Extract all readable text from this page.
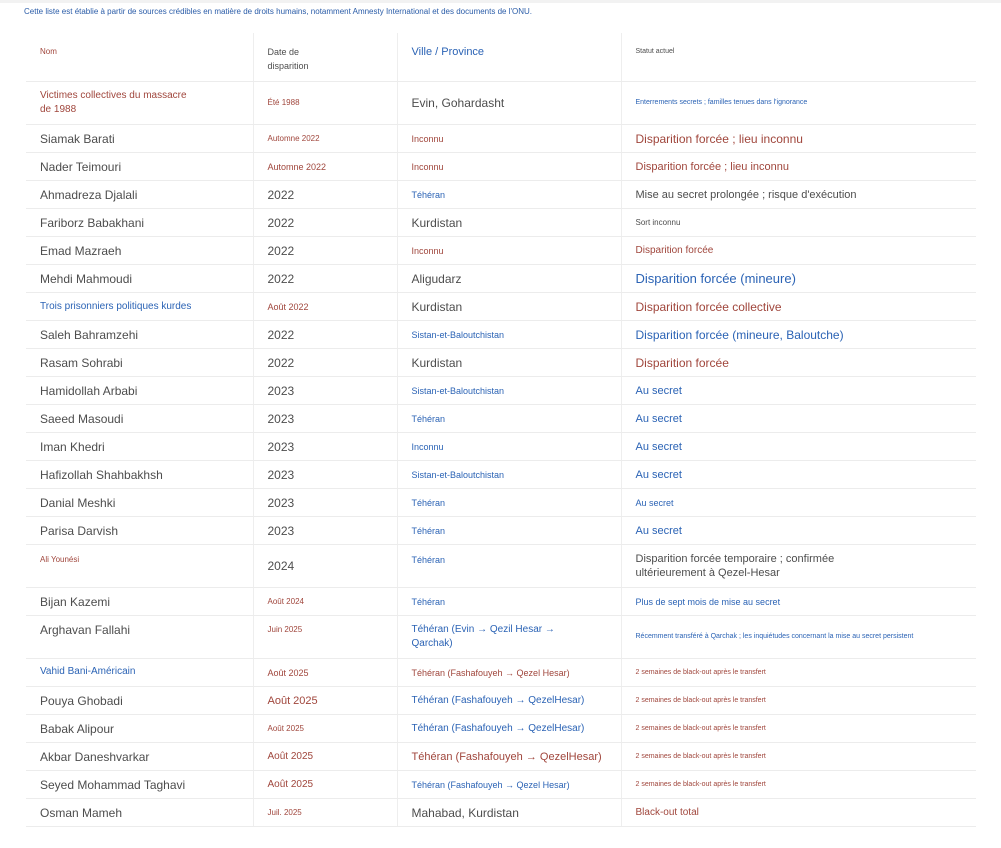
Cette liste est établie à partir de sources crédibles en matière de droits humains, notamment Amnesty International et des documents de l'ONU.
Nom	Date de disparition	Ville / Province	Statut actuel

Victimes collectives du massacre de 1988	Été 1988	Evin, Gohardasht	Enterrements secrets ; familles tenues dans l'ignorance

Siamak Barati	Automne 2022	Inconnu	Disparition forcée ; lieu inconnu

Nader Teimouri	Automne 2022	Inconnu	Disparition forcée ; lieu inconnu

Ahmadreza Djalali	2022	Téhéran	Mise au secret prolongée ; risque d'exécution

Fariborz Babakhani	2022	Kurdistan	Sort inconnu

Emad Mazraeh	2022	Inconnu	Disparition forcée

Mehdi Mahmoudi	2022	Aligudarz	Disparition forcée (mineure)

Trois prisonniers politiques kurdes	Août 2022	Kurdistan	Disparition forcée collective

Saleh Bahramzehi	2022	Sistan-et-Baloutchistan	Disparition forcée (mineure, Baloutche)

Rasam Sohrabi	2022	Kurdistan	Disparition forcée

Hamidollah Arbabi	2023	Sistan-et-Baloutchistan	Au secret

Saeed Masoudi	2023	Téhéran	Au secret

Iman Khedri	2023	Inconnu	Au secret

Hafizollah Shahbakhsh	2023	Sistan-et-Baloutchistan	Au secret

Danial Meshki	2023	Téhéran	Au secret

Parisa Darvish	2023	Téhéran	Au secret

Ali Younési	2024	Téhéran	Disparition forcée temporaire ; confirmée ultérieurement à Qezel-Hesar

Bijan Kazemi	Août 2024	Téhéran	Plus de sept mois de mise au secret

Arghavan Fallahi	Juin 2025	Téhéran (Evin → Qezil Hesar → Qarchak)	Récemment transféré à Qarchak ; les inquiétudes concernant la mise au secret persistent

Vahid Bani-Américain	Août 2025	Téhéran (Fashafouyeh → Qezel Hesar)	2 semaines de black-out après le transfert

Pouya Ghobadi	Août 2025	Téhéran (Fashafouyeh → QezelHesar)	2 semaines de black-out après le transfert

Babak Alipour	Août 2025	Téhéran (Fashafouyeh → QezelHesar)	2 semaines de black-out après le transfert

Akbar Daneshvarkar	Août 2025	Téhéran (Fashafouyeh → QezelHesar)	2 semaines de black-out après le transfert

Seyed Mohammad Taghavi	Août 2025	Téhéran (Fashafouyeh → Qezel Hesar)	2 semaines de black-out après le transfert

Osman Mameh	Juil. 2025	Mahabad, Kurdistan	Black-out total
